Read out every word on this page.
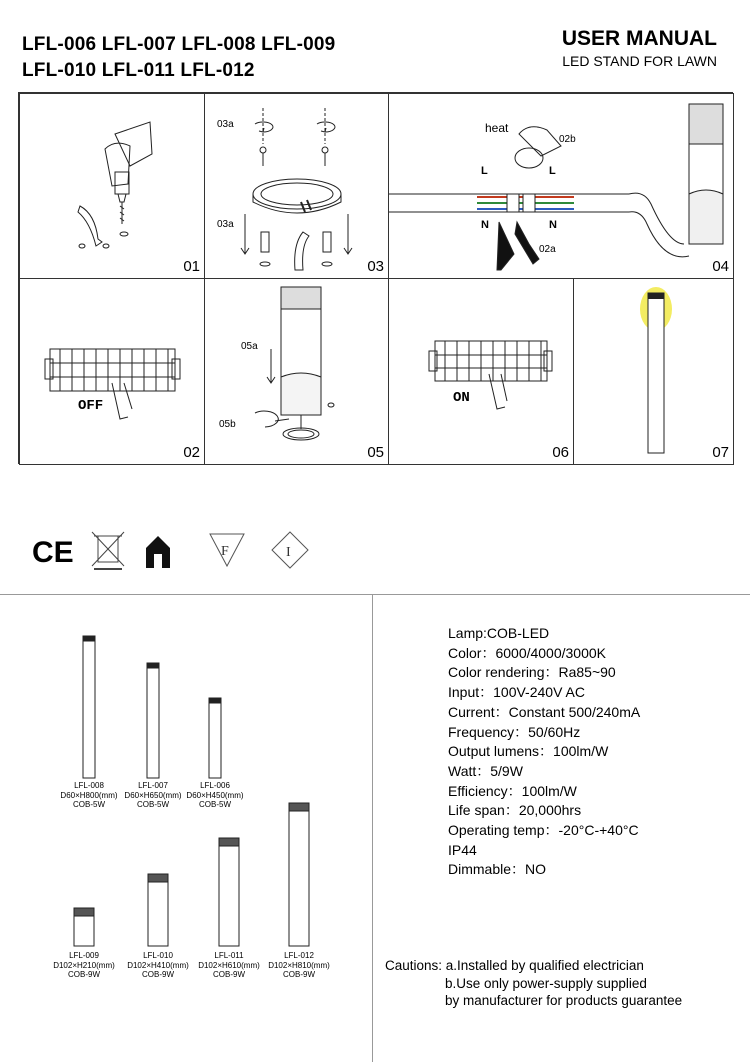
LFL-006 LFL-007 LFL-008 LFL-009
LFL-010 LFL-011 LFL-012
USER MANUAL
LED STAND FOR LAWN
01
03a
03a
03
heat
02b
02a
L
N
L
N
04
OFF
02
05a
05b
05
ON
06	07
CE	F	I
LFL-008
D60×H800(mm)
COB-5W
LFL-007
D60×H650(mm)
COB-5W
LFL-006
D60×H450(mm)
COB-5W
LFL-009
D102×H210(mm)
COB-9W
LFL-010
D102×H410(mm)
COB-9W
LFL-011
D102×H610(mm)
COB-9W
LFL-012
D102×H810(mm)
COB-9W
Lamp:COB-LED
Color：6000/4000/3000K
Color rendering：Ra85~90
Input：100V-240V AC
Current：Constant 500/240mA
Frequency：50/60Hz
Output lumens：100lm/W
Watt：5/9W
Efficiency：100lm/W
Life span：20,000hrs
Operating temp：-20°C-+40°C
IP44
Dimmable：NO
Cautions: a.Installed by qualified electrician
b.Use only power-supply supplied
by manufacturer for products guarantee
